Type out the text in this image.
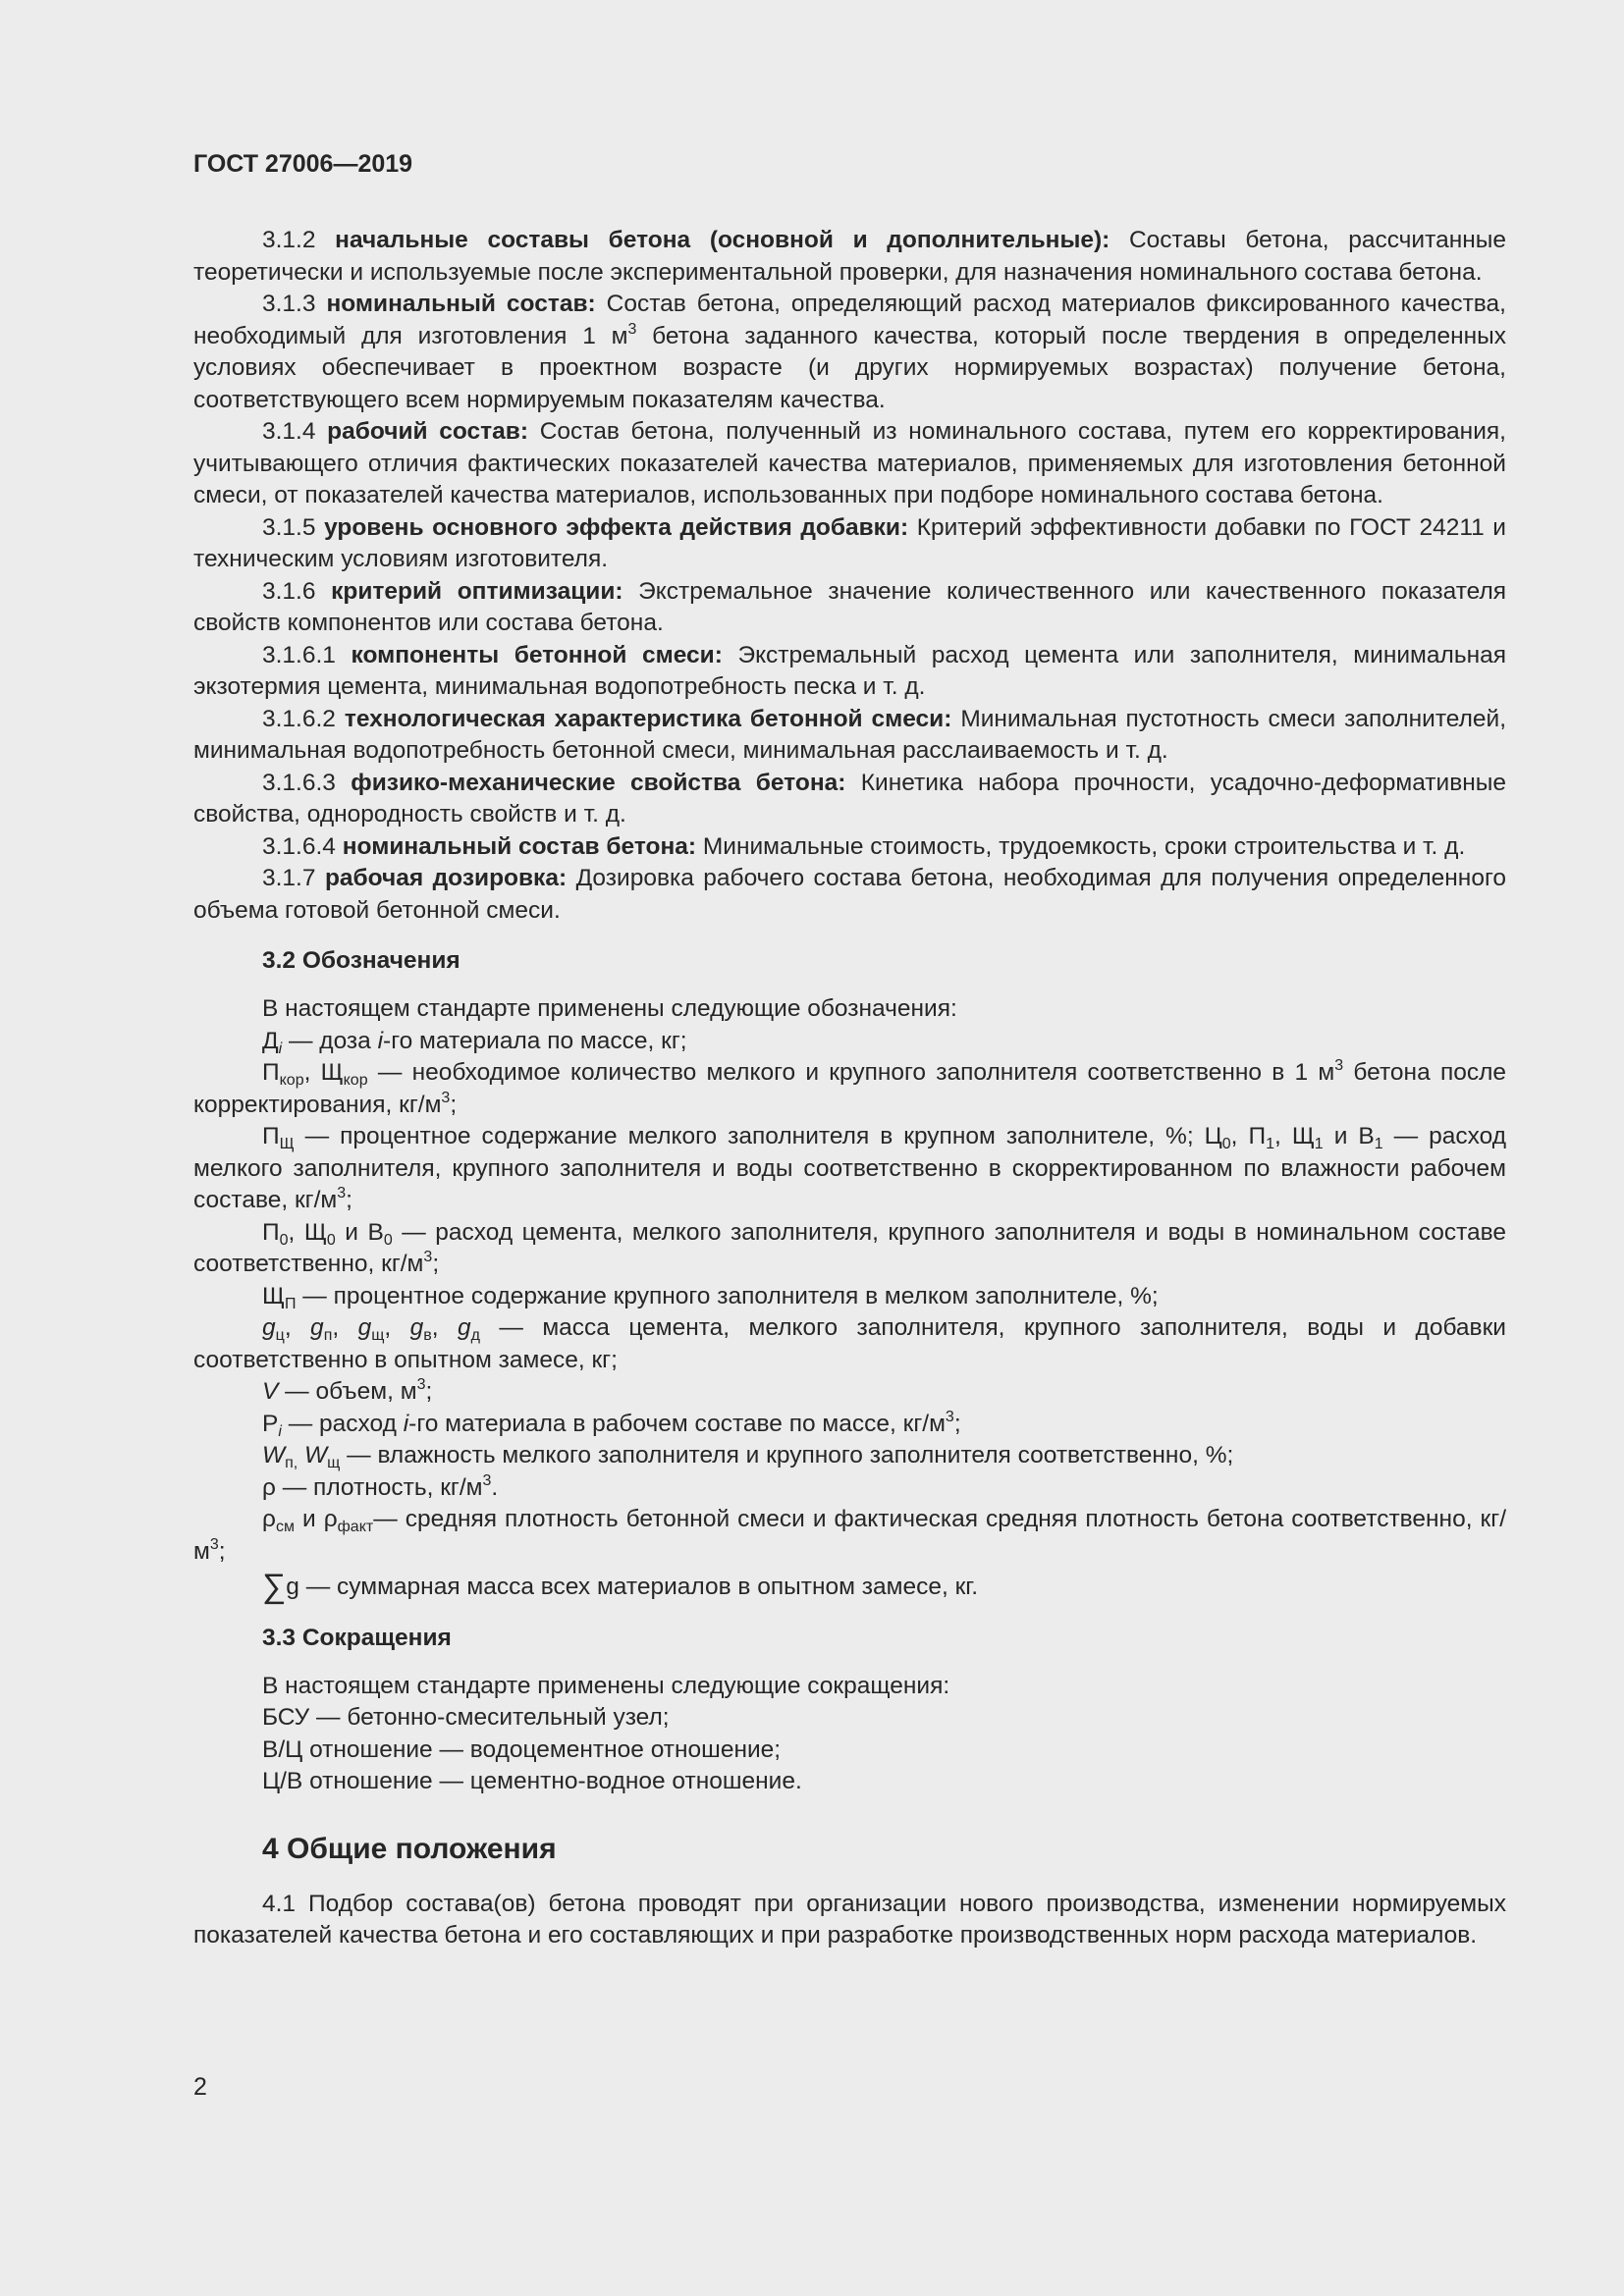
ГОСТ 27006—2019

3.1.2 начальные составы бетона (основной и дополнительные): Составы бетона, рассчитанные теоретически и используемые после экспериментальной проверки, для назначения номинального состава бетона.

3.1.3 номинальный состав: Состав бетона, определяющий расход материалов фиксированного качества, необходимый для изготовления 1 $м^3$ бетона заданного качества, который после твердения в определенных условиях обеспечивает в проектном возрасте (и других нормируемых возрастах) получение бетона, соответствующего всем нормируемым показателям качества.

3.1.4 рабочий состав: Состав бетона, полученный из номинального состава, путем его корректирования, учитывающего отличия фактических показателей качества материалов, применяемых для изготовления бетонной смеси, от показателей качества материалов, использованных при подборе номинального состава бетона.

3.1.5 уровень основного эффекта действия добавки: Критерий эффективности добавки по ГОСТ 24211 и техническим условиям изготовителя.

3.1.6 критерий оптимизации: Экстремальное значение количественного или качественного показателя свойств компонентов или состава бетона.

3.1.6.1 компоненты бетонной смеси: Экстремальный расход цемента или заполнителя, минимальная экзотермия цемента, минимальная водопотребность песка и т. д.

3.1.6.2 технологическая характеристика бетонной смеси: Минимальная пустотность смеси заполнителей, минимальная водопотребность бетонной смеси, минимальная расслаиваемость и т. д.

3.1.6.3 физико-механические свойства бетона: Кинетика набора прочности, усадочно-деформативные свойства, однородность свойств и т. д.

3.1.6.4 номинальный состав бетона: Минимальные стоимость, трудоемкость, сроки строительства и т. д.

3.1.7 рабочая дозировка: Дозировка рабочего состава бетона, необходимая для получения определенного объема готовой бетонной смеси.

3.2 Обозначения

В настоящем стандарте применены следующие обозначения:

$Д_i$ — доза i-го материала по массе, кг;

$П_{кор}$, $Щ_{кор}$ — необходимое количество мелкого и крупного заполнителя соответственно в 1 $м^3$ бетона после корректирования, $кг/м^3$;

$П_Щ$ — процентное содержание мелкого заполнителя в крупном заполнителе, %; $Ц_0$, $П_1$, $Щ_1$ и $В_1$ — расход мелкого заполнителя, крупного заполнителя и воды соответственно в скорректированном по влажности рабочем составе, $кг/м^3$;

$П_0$, $Щ_0$ и $В_0$ — расход цемента, мелкого заполнителя, крупного заполнителя и воды в номинальном составе соответственно, $кг/м^3$;

$Щ_П$ — процентное содержание крупного заполнителя в мелком заполнителе, %;

$g_ц$, $g_п$, $g_щ$, $g_в$, $g_д$ — масса цемента, мелкого заполнителя, крупного заполнителя, воды и добавки соответственно в опытном замесе, кг;

V — объем, $м^3$;

$Р_i$ — расход i-го материала в рабочем составе по массе, $кг/м^3$;

$W_{п,}$ $W_щ$ — влажность мелкого заполнителя и крупного заполнителя соответственно, %;

ρ — плотность, $кг/м^3$.

$\rho_{см}$ и $\rho_{факт}—$ средняя плотность бетонной смеси и фактическая средняя плотность бетона соответственно, $кг/м^3$;

∑g — суммарная масса всех материалов в опытном замесе, кг.

3.3 Сокращения

В настоящем стандарте применены следующие сокращения:

БСУ — бетонно-смесительный узел;

В/Ц отношение — водоцементное отношение;

Ц/В отношение — цементно-водное отношение.

4 Общие положения

4.1 Подбор состава(ов) бетона проводят при организации нового производства, изменении нормируемых показателей качества бетона и его составляющих и при разработке производственных норм расхода материалов.

2
